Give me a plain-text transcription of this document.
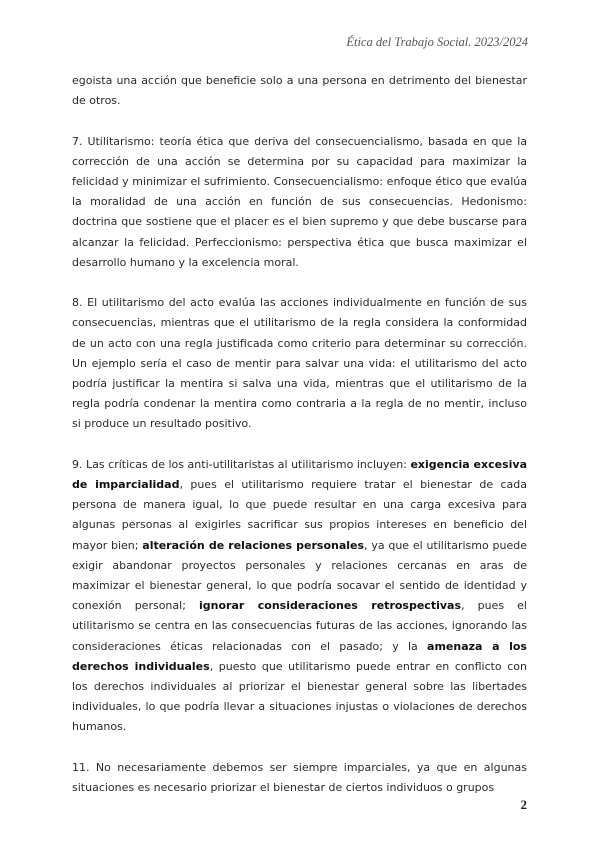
Ética del Trabajo Social. 2023/2024

egoista una acción que beneficie solo a una persona en detrimento del bienestar de otros.

7. Utilitarismo: teoría ética que deriva del consecuencialismo, basada en que la corrección de una acción se determina por su capacidad para maximizar la felicidad y minimizar el sufrimiento. Consecuencialismo: enfoque ético que evalúa la moralidad de una acción en función de sus consecuencias. Hedonismo: doctrina que sostiene que el placer es el bien supremo y que debe buscarse para alcanzar la felicidad. Perfeccionismo: perspectiva ética que busca maximizar el desarrollo humano y la excelencia moral.

8. El utilitarismo del acto evalúa las acciones individualmente en función de sus consecuencias, mientras que el utilitarismo de la regla considera la conformidad de un acto con una regla justificada como criterio para determinar su corrección. Un ejemplo sería el caso de mentir para salvar una vida: el utilitarismo del acto podría justificar la mentira si salva una vida, mientras que el utilitarismo de la regla podría condenar la mentira como contraria a la regla de no mentir, incluso si produce un resultado positivo.

9. Las críticas de los anti-utilitaristas al utilitarismo incluyen: exigencia excesiva de imparcialidad, pues el utilitarismo requiere tratar el bienestar de cada persona de manera igual, lo que puede resultar en una carga excesiva para algunas personas al exigirles sacrificar sus propios intereses en beneficio del mayor bien; alteración de relaciones personales, ya que el utilitarismo puede exigir abandonar proyectos personales y relaciones cercanas en aras de maximizar el bienestar general, lo que podría socavar el sentido de identidad y conexión personal; ignorar consideraciones retrospectivas, pues el utilitarismo se centra en las consecuencias futuras de las acciones, ignorando las consideraciones éticas relacionadas con el pasado; y la amenaza a los derechos individuales, puesto que utilitarismo puede entrar en conflicto con los derechos individuales al priorizar el bienestar general sobre las libertades individuales, lo que podría llevar a situaciones injustas o violaciones de derechos humanos.

11. No necesariamente debemos ser siempre imparciales, ya que en algunas situaciones es necesario priorizar el bienestar de ciertos individuos o grupos

2
